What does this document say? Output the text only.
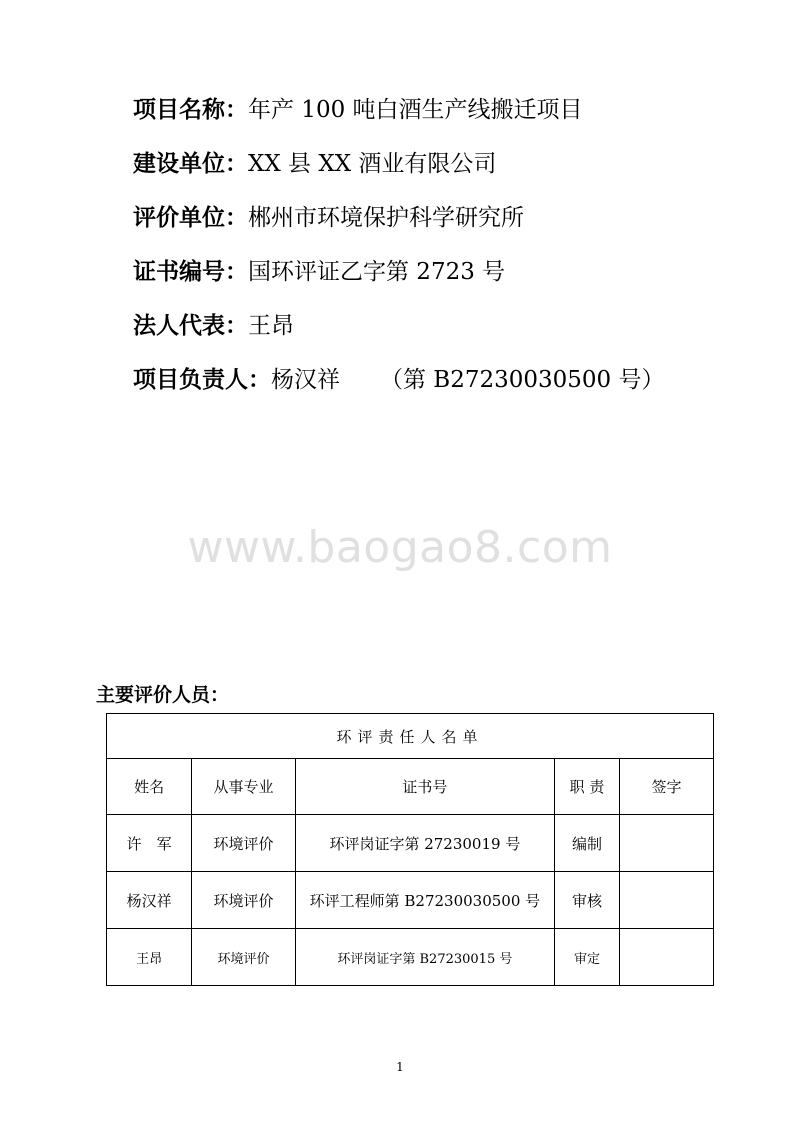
项目名称：年产 100 吨白酒生产线搬迁项目
建设单位：XX 县 XX 酒业有限公司
评价单位：郴州市环境保护科学研究所
证书编号：国环评证乙字第 2723 号
法人代表：王昂
项目负责人：杨汉祥 （第 B27230030500 号）
www.baogao8.com
主要评价人员：
环评责任人名单				
姓名	从事专业	证书号	职 责	签字
许　军	环境评价	环评岗证字第 27230019 号	编制	
杨汉祥	环境评价	环评工程师第 B27230030500 号	审核	
王昂	环境评价	环评岗证字第 B27230015 号	审定	
1
